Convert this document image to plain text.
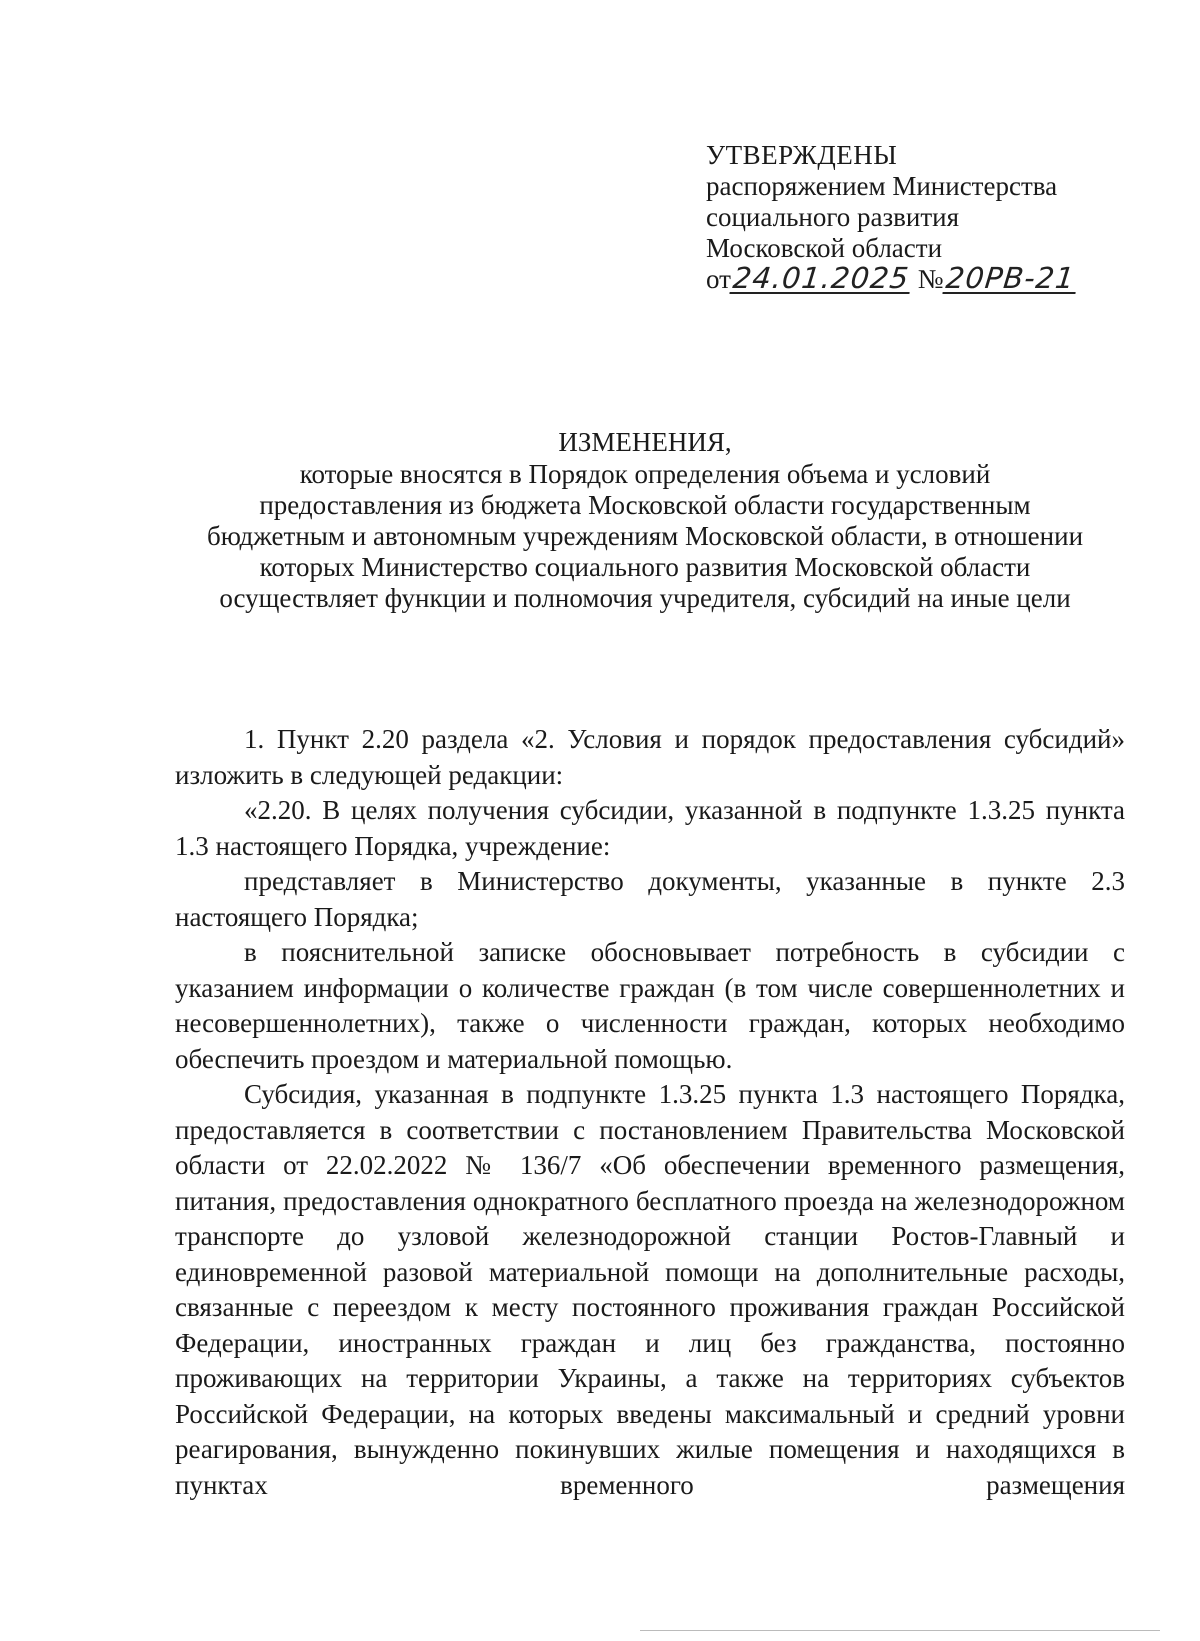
УТВЕРЖДЕНЫ
распоряжением Министерства
социального развития
Московской области
от24.01.2025 №20РВ-21
ИЗМЕНЕНИЯ,
которые вносятся в Порядок определения объема и условий
предоставления из бюджета Московской области государственным
бюджетным и автономным учреждениям Московской области, в отношении
которых Министерство социального развития Московской области
осуществляет функции и полномочия учредителя, субсидий на иные цели

1. Пункт 2.20 раздела «2. Условия и порядок предоставления субсидий» изложить в следующей редакции:

«2.20. В целях получения субсидии, указанной в подпункте 1.3.25 пункта 1.3 настоящего Порядка, учреждение:

представляет в Министерство документы, указанные в пункте 2.3 настоящего Порядка;

в пояснительной записке обосновывает потребность в субсидии с указанием информации о количестве граждан (в том числе совершеннолетних и несовершеннолетних), также о численности граждан, которых необходимо обеспечить проездом и материальной помощью.

Субсидия, указанная в подпункте 1.3.25 пункта 1.3 настоящего Порядка, предоставляется в соответствии с постановлением Правительства Московской области от 22.02.2022 № 136/7 «Об обеспечении временного размещения, питания, предоставления однократного бесплатного проезда на железнодорожном транспорте до узловой железнодорожной станции Ростов-Главный и единовременной разовой материальной помощи на дополнительные расходы, связанные с переездом к месту постоянного проживания граждан Российской Федерации, иностранных граждан и лиц без гражданства, постоянно проживающих на территории Украины, а также на территориях субъектов Российской Федерации, на которых введены максимальный и средний уровни реагирования, вынужденно покинувших жилые помещения и находящихся в пунктах временного размещения
